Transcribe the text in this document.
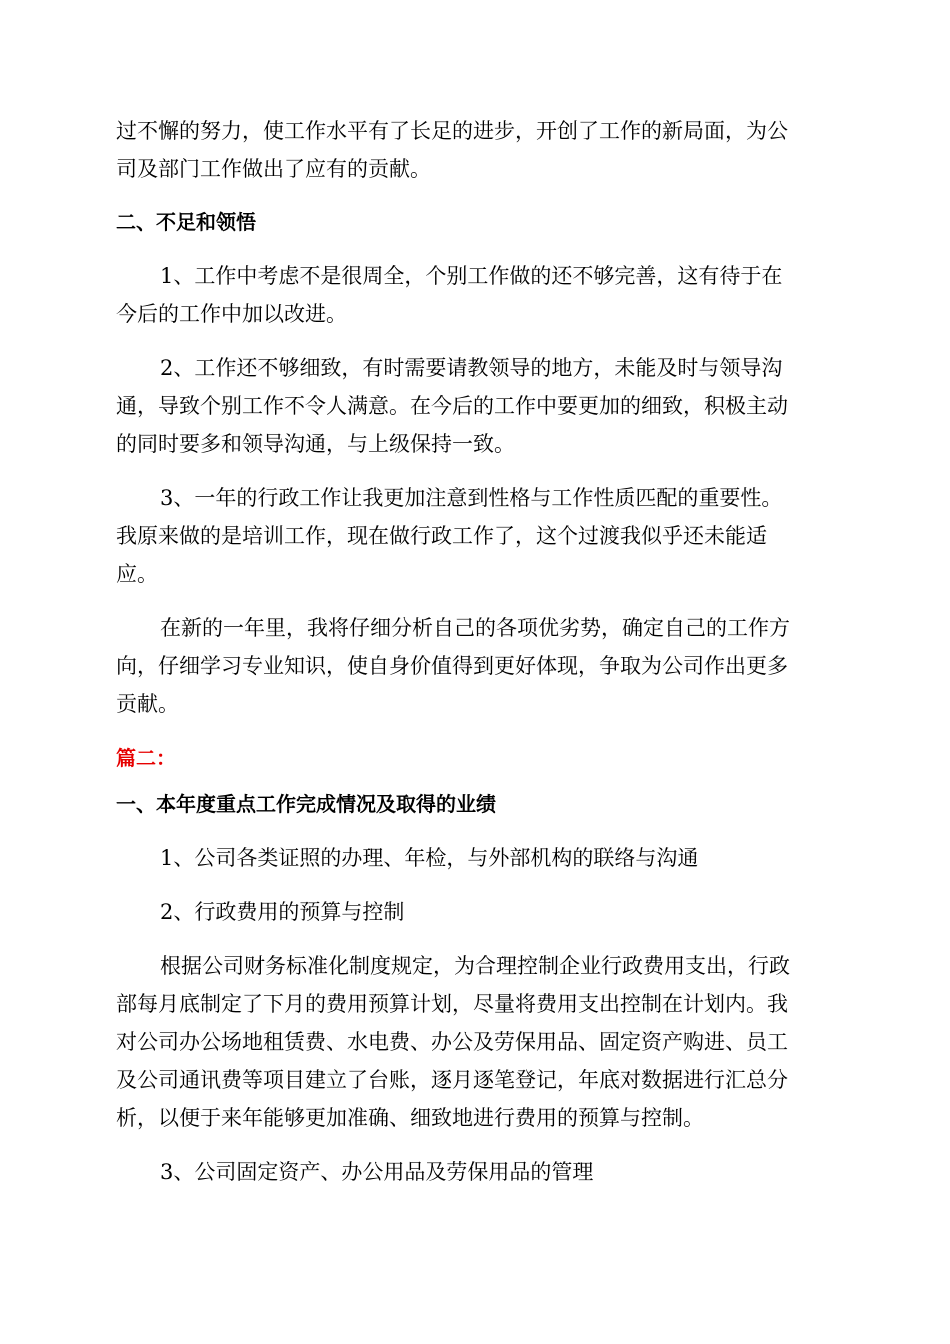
过不懈的努力，使工作水平有了长足的进步，开创了工作的新局面，为公

司及部门工作做出了应有的贡献。

二、不足和领悟

1、工作中考虑不是很周全，个别工作做的还不够完善，这有待于在

今后的工作中加以改进。

2、工作还不够细致，有时需要请教领导的地方，未能及时与领导沟

通，导致个别工作不令人满意。在今后的工作中要更加的细致，积极主动

的同时要多和领导沟通，与上级保持一致。

3、一年的行政工作让我更加注意到性格与工作性质匹配的重要性。

我原来做的是培训工作，现在做行政工作了，这个过渡我似乎还未能适

应。

在新的一年里，我将仔细分析自己的各项优劣势，确定自己的工作方

向，仔细学习专业知识，使自身价值得到更好体现，争取为公司作出更多

贡献。

篇二：

一、本年度重点工作完成情况及取得的业绩

1、公司各类证照的办理、年检，与外部机构的联络与沟通

2、行政费用的预算与控制

根据公司财务标准化制度规定，为合理控制企业行政费用支出，行政

部每月底制定了下月的费用预算计划，尽量将费用支出控制在计划内。我

对公司办公场地租赁费、水电费、办公及劳保用品、固定资产购进、员工

及公司通讯费等项目建立了台账，逐月逐笔登记，年底对数据进行汇总分

析，以便于来年能够更加准确、细致地进行费用的预算与控制。

3、公司固定资产、办公用品及劳保用品的管理
